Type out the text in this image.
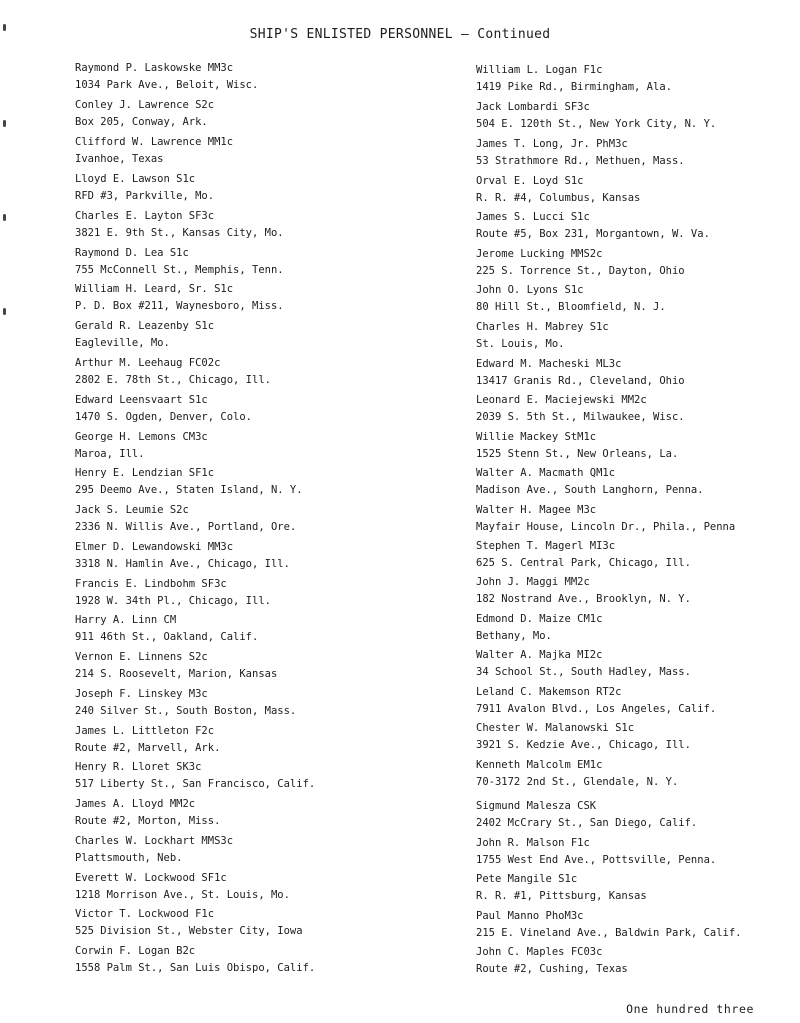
SHIP'S ENLISTED PERSONNEL — Continued
Raymond P. Laskowske MM3c
1034 Park Ave., Beloit, Wisc.
Conley J. Lawrence S2c
Box 205, Conway, Ark.
Clifford W. Lawrence MM1c
Ivanhoe, Texas
Lloyd E. Lawson S1c
RFD #3, Parkville, Mo.
Charles E. Layton SF3c
3821 E. 9th St., Kansas City, Mo.
Raymond D. Lea S1c
755 McConnell St., Memphis, Tenn.
William H. Leard, Sr. S1c
P. D. Box #211, Waynesboro, Miss.
Gerald R. Leazenby S1c
Eagleville, Mo.
Arthur M. Leehaug FC02c
2802 E. 78th St., Chicago, Ill.
Edward Leensvaart S1c
1470 S. Ogden, Denver, Colo.
George H. Lemons CM3c
Maroa, Ill.
Henry E. Lendzian SF1c
295 Deemo Ave., Staten Island, N. Y.
Jack S. Leumie S2c
2336 N. Willis Ave., Portland, Ore.
Elmer D. Lewandowski MM3c
3318 N. Hamlin Ave., Chicago, Ill.
Francis E. Lindbohm SF3c
1928 W. 34th Pl., Chicago, Ill.
Harry A. Linn CM
911 46th St., Oakland, Calif.
Vernon E. Linnens S2c
214 S. Roosevelt, Marion, Kansas
Joseph F. Linskey M3c
240 Silver St., South Boston, Mass.
James L. Littleton F2c
Route #2, Marvell, Ark.
Henry R. Lloret SK3c
517 Liberty St., San Francisco, Calif.
James A. Lloyd MM2c
Route #2, Morton, Miss.
Charles W. Lockhart MMS3c
Plattsmouth, Neb.
Everett W. Lockwood SF1c
1218 Morrison Ave., St. Louis, Mo.
Victor T. Lockwood F1c
525 Division St., Webster City, Iowa
Corwin F. Logan B2c
1558 Palm St., San Luis Obispo, Calif.
William L. Logan F1c
1419 Pike Rd., Birmingham, Ala.
Jack Lombardi SF3c
504 E. 120th St., New York City, N. Y.
James T. Long, Jr. PhM3c
53 Strathmore Rd., Methuen, Mass.
Orval E. Loyd S1c
R. R. #4, Columbus, Kansas
James S. Lucci S1c
Route #5, Box 231, Morgantown, W. Va.
Jerome Lucking MMS2c
225 S. Torrence St., Dayton, Ohio
John O. Lyons S1c
80 Hill St., Bloomfield, N. J.
Charles H. Mabrey S1c
St. Louis, Mo.
Edward M. Macheski ML3c
13417 Granis Rd., Cleveland, Ohio
Leonard E. Maciejewski MM2c
2039 S. 5th St., Milwaukee, Wisc.
Willie Mackey StM1c
1525 Stenn St., New Orleans, La.
Walter A. Macmath QM1c
Madison Ave., South Langhorn, Penna.
Walter H. Magee M3c
Mayfair House, Lincoln Dr., Phila., Penna
Stephen T. Magerl MI3c
625 S. Central Park, Chicago, Ill.
John J. Maggi MM2c
182 Nostrand Ave., Brooklyn, N. Y.
Edmond D. Maize CM1c
Bethany, Mo.
Walter A. Majka MI2c
34 School St., South Hadley, Mass.
Leland C. Makemson RT2c
7911 Avalon Blvd., Los Angeles, Calif.
Chester W. Malanowski S1c
3921 S. Kedzie Ave., Chicago, Ill.
Kenneth Malcolm EM1c
70-3172 2nd St., Glendale, N. Y.
Sigmund Malesza CSK
2402 McCrary St., San Diego, Calif.
John R. Malson F1c
1755 West End Ave., Pottsville, Penna.
Pete Mangile S1c
R. R. #1, Pittsburg, Kansas
Paul Manno PhoM3c
215 E. Vineland Ave., Baldwin Park, Calif.
John C. Maples FC03c
Route #2, Cushing, Texas
One hundred three
